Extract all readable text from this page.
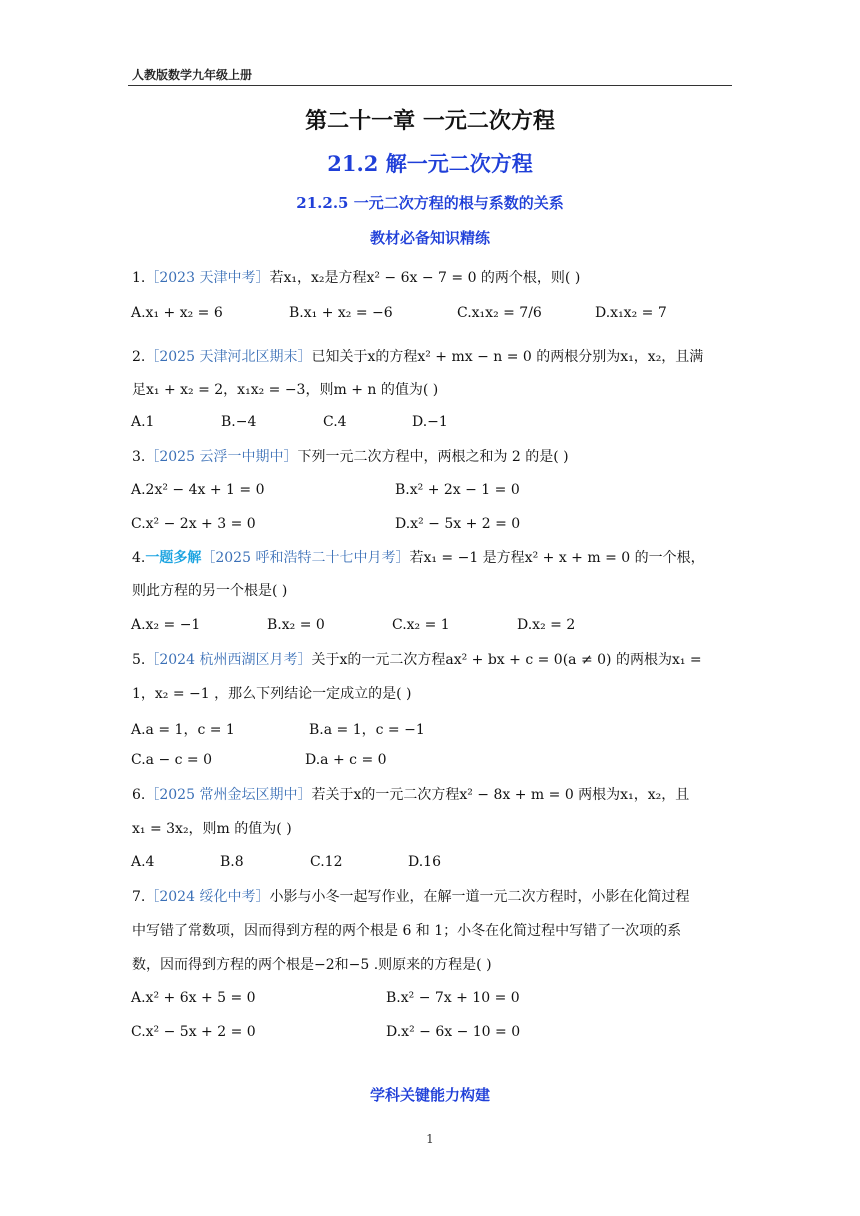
人教版数学九年级上册
第二十一章 一元二次方程
21.2 解一元二次方程
21.2.5 一元二次方程的根与系数的关系
教材必备知识精练
1.［2023 天津中考］若x₁，x₂是方程x² − 6x − 7 = 0 的两个根，则( )
A.x₁ + x₂ = 6	B.x₁ + x₂ = −6	C.x₁x₂ = 7/6	D.x₁x₂ = 7
2.［2025 天津河北区期末］已知关于x的方程x² + mx − n = 0 的两根分别为x₁，x₂，且满
足x₁ + x₂ = 2，x₁x₂ = −3，则m + n 的值为( )
A.1	B.−4	C.4	D.−1
3.［2025 云浮一中期中］下列一元二次方程中，两根之和为 2 的是( )
A.2x² − 4x + 1 = 0	B.x² + 2x − 1 = 0
C.x² − 2x + 3 = 0	D.x² − 5x + 2 = 0
4.一题多解［2025 呼和浩特二十七中月考］若x₁ = −1 是方程x² + x + m = 0 的一个根，
则此方程的另一个根是( )
A.x₂ = −1	B.x₂ = 0	C.x₂ = 1	D.x₂ = 2
5.［2024 杭州西湖区月考］关于x的一元二次方程ax² + bx + c = 0(a ≠ 0) 的两根为x₁ =
1，x₂ = −1 ，那么下列结论一定成立的是( )
A.a = 1，c = 1	B.a = 1，c = −1
C.a − c = 0	D.a + c = 0
6.［2025 常州金坛区期中］若关于x的一元二次方程x² − 8x + m = 0 两根为x₁，x₂，且
x₁ = 3x₂，则m 的值为( )
A.4	B.8	C.12	D.16
7.［2024 绥化中考］小影与小冬一起写作业，在解一道一元二次方程时，小影在化简过程
中写错了常数项，因而得到方程的两个根是 6 和 1；小冬在化简过程中写错了一次项的系
数，因而得到方程的两个根是−2和−5 .则原来的方程是( )
A.x² + 6x + 5 = 0	B.x² − 7x + 10 = 0
C.x² − 5x + 2 = 0	D.x² − 6x − 10 = 0
学科关键能力构建
1
